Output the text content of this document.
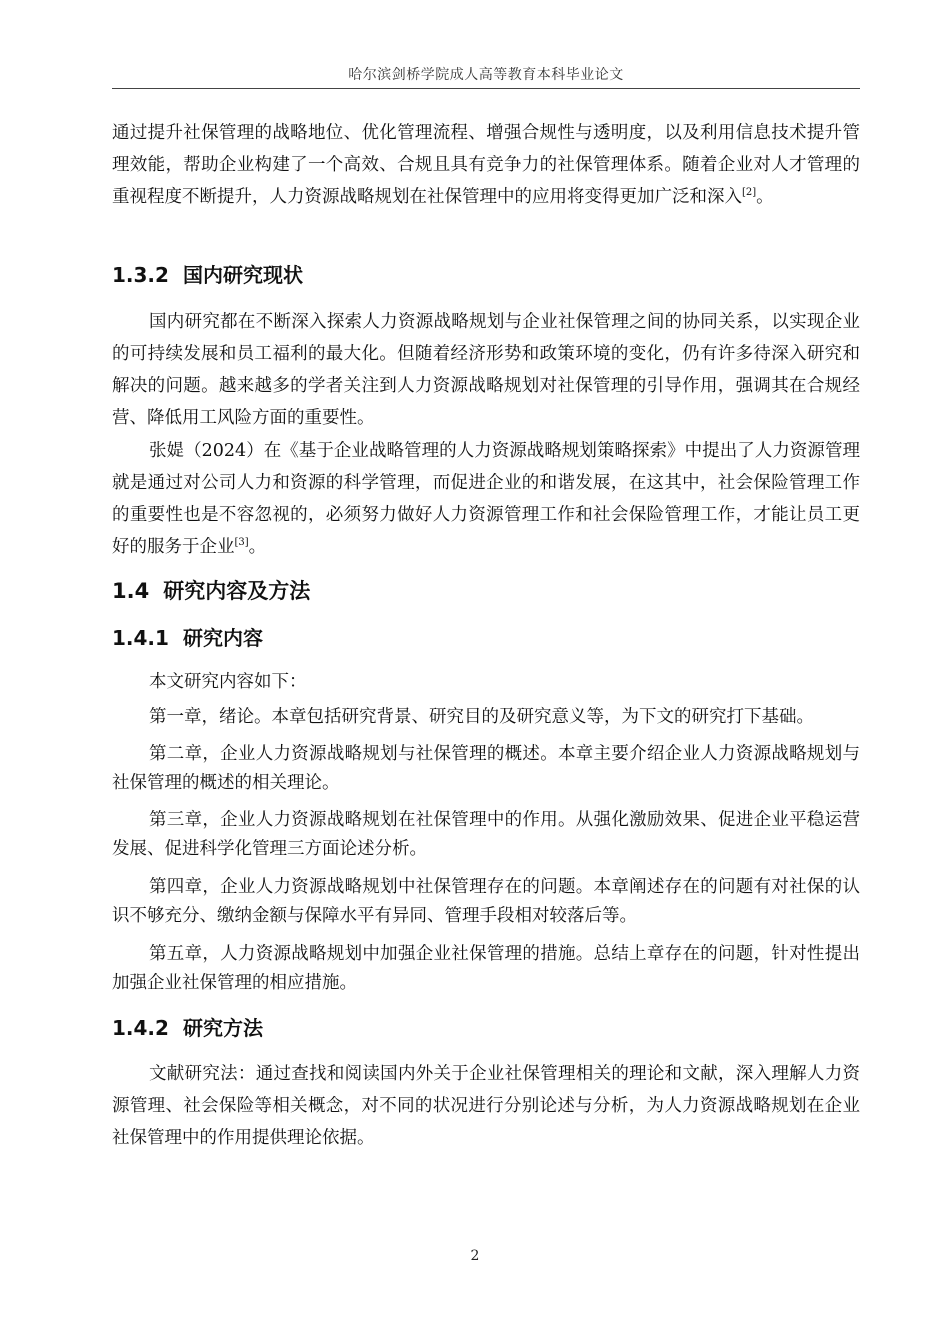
哈尔滨剑桥学院成人高等教育本科毕业论文

通过提升社保管理的战略地位、优化管理流程、增强合规性与透明度，以及利用信息技术提升管理效能，帮助企业构建了一个高效、合规且具有竞争力的社保管理体系。随着企业对人才管理的重视程度不断提升，人力资源战略规划在社保管理中的应用将变得更加广泛和深入[2]。

1.3.2 国内研究现状

国内研究都在不断深入探索人力资源战略规划与企业社保管理之间的协同关系，以实现企业的可持续发展和员工福利的最大化。但随着经济形势和政策环境的变化，仍有许多待深入研究和解决的问题。越来越多的学者关注到人力资源战略规划对社保管理的引导作用，强调其在合规经营、降低用工风险方面的重要性。

张媞（2024）在《基于企业战略管理的人力资源战略规划策略探索》中提出了人力资源管理就是通过对公司人力和资源的科学管理，而促进企业的和谐发展，在这其中，社会保险管理工作的重要性也是不容忽视的，必须努力做好人力资源管理工作和社会保险管理工作，才能让员工更好的服务于企业[3]。

1.4 研究内容及方法
1.4.1 研究内容

本文研究内容如下：

第一章，绪论。本章包括研究背景、研究目的及研究意义等，为下文的研究打下基础。

第二章，企业人力资源战略规划与社保管理的概述。本章主要介绍企业人力资源战略规划与社保管理的概述的相关理论。

第三章，企业人力资源战略规划在社保管理中的作用。从强化激励效果、促进企业平稳运营发展、促进科学化管理三方面论述分析。

第四章，企业人力资源战略规划中社保管理存在的问题。本章阐述存在的问题有对社保的认识不够充分、缴纳金额与保障水平有异同、管理手段相对较落后等。

第五章，人力资源战略规划中加强企业社保管理的措施。总结上章存在的问题，针对性提出加强企业社保管理的相应措施。

1.4.2 研究方法

文献研究法：通过查找和阅读国内外关于企业社保管理相关的理论和文献，深入理解人力资源管理、社会保险等相关概念，对不同的状况进行分别论述与分析，为人力资源战略规划在企业社保管理中的作用提供理论依据。

2
